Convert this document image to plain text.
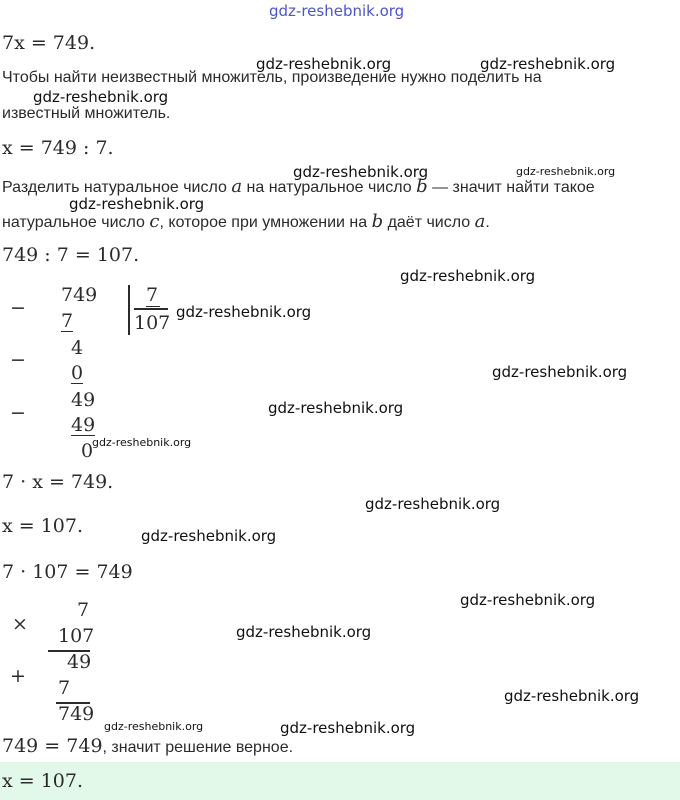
gdz-reshebnik.org
7x = 749.
Чтобы найти неизвестный множитель, произведение нужно поделить на
известный множитель.
x = 749 : 7.
Разделить натуральное число a на натуральное число b — значит найти такое
натуральное число c, которое при умножении на b даёт число a.
749 : 7 = 107.
−
749
7
7
107
−
4
0
−
49
49
0
7 · x = 749.
x = 107.
7 · 107 = 749
×
7
107
49
+
7
749
749 = 749, значит решение верное.
x = 107.
gdz-reshebnik.org	gdz-reshebnik.org
gdz-reshebnik.org
gdz-reshebnik.org	gdz-reshebnik.org
gdz-reshebnik.org
gdz-reshebnik.org
gdz-reshebnik.org
gdz-reshebnik.org
gdz-reshebnik.org
gdz-reshebnik.org
gdz-reshebnik.org
gdz-reshebnik.org
gdz-reshebnik.org
gdz-reshebnik.org
gdz-reshebnik.org
gdz-reshebnik.org	gdz-reshebnik.org
